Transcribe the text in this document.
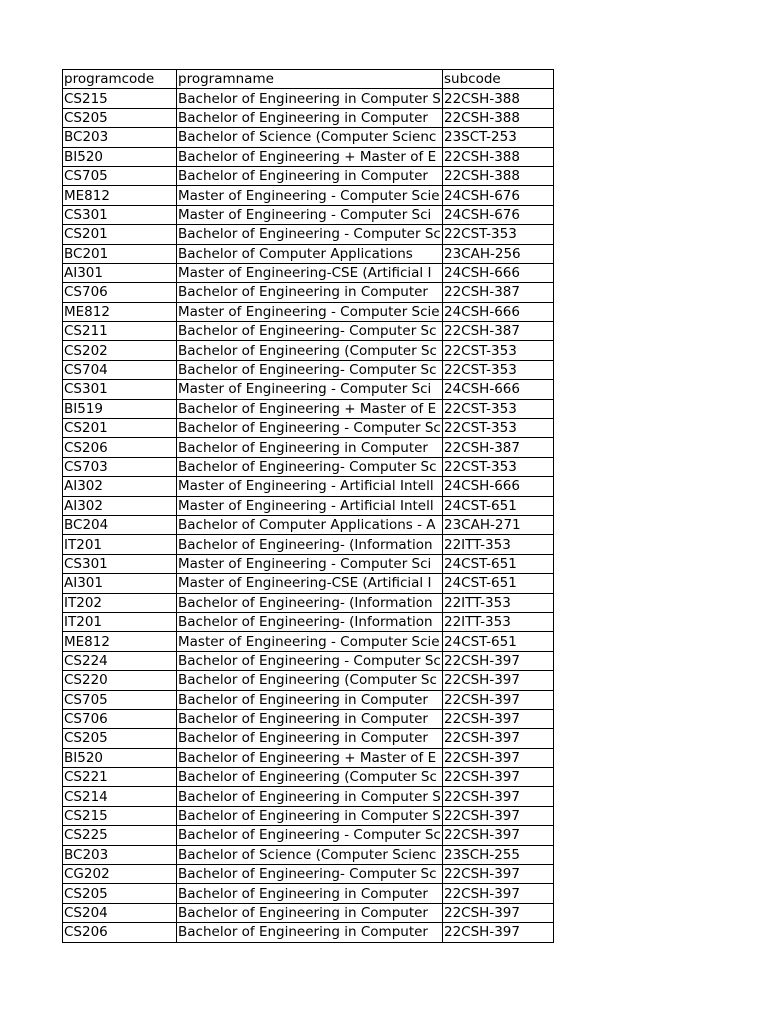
programcode	programname	subcode
CS215	Bachelor of Engineering in Computer S	22CSH-388
CS205	Bachelor of Engineering in Computer	22CSH-388
BC203	Bachelor of Science (Computer Scienc	23SCT-253
BI520	Bachelor of Engineering + Master of E	22CSH-388
CS705	Bachelor of Engineering in Computer	22CSH-388
ME812	Master of Engineering - Computer Scie	24CSH-676
CS301	Master of Engineering - Computer Sci	24CSH-676
CS201	Bachelor of Engineering - Computer Sc	22CST-353
BC201	Bachelor of Computer Applications	23CAH-256
AI301	Master of Engineering-CSE (Artificial I	24CSH-666
CS706	Bachelor of Engineering in Computer	22CSH-387
ME812	Master of Engineering - Computer Scie	24CSH-666
CS211	Bachelor of Engineering- Computer Sc	22CSH-387
CS202	Bachelor of Engineering (Computer Sc	22CST-353
CS704	Bachelor of Engineering- Computer Sc	22CST-353
CS301	Master of Engineering - Computer Sci	24CSH-666
BI519	Bachelor of Engineering + Master of E	22CST-353
CS201	Bachelor of Engineering - Computer Sc	22CST-353
CS206	Bachelor of Engineering in Computer	22CSH-387
CS703	Bachelor of Engineering- Computer Sc	22CST-353
AI302	Master of Engineering - Artificial Intell	24CSH-666
AI302	Master of Engineering - Artificial Intell	24CST-651
BC204	Bachelor of Computer Applications - A	23CAH-271
IT201	Bachelor of Engineering- (Information	22ITT-353
CS301	Master of Engineering - Computer Sci	24CST-651
AI301	Master of Engineering-CSE (Artificial I	24CST-651
IT202	Bachelor of Engineering- (Information	22ITT-353
IT201	Bachelor of Engineering- (Information	22ITT-353
ME812	Master of Engineering - Computer Scie	24CST-651
CS224	Bachelor of Engineering - Computer Sc	22CSH-397
CS220	Bachelor of Engineering (Computer Sc	22CSH-397
CS705	Bachelor of Engineering in Computer	22CSH-397
CS706	Bachelor of Engineering in Computer	22CSH-397
CS205	Bachelor of Engineering in Computer	22CSH-397
BI520	Bachelor of Engineering + Master of E	22CSH-397
CS221	Bachelor of Engineering (Computer Sc	22CSH-397
CS214	Bachelor of Engineering in Computer S	22CSH-397
CS215	Bachelor of Engineering in Computer S	22CSH-397
CS225	Bachelor of Engineering - Computer Sc	22CSH-397
BC203	Bachelor of Science (Computer Scienc	23SCH-255
CG202	Bachelor of Engineering- Computer Sc	22CSH-397
CS205	Bachelor of Engineering in Computer	22CSH-397
CS204	Bachelor of Engineering in Computer	22CSH-397
CS206	Bachelor of Engineering in Computer	22CSH-397
